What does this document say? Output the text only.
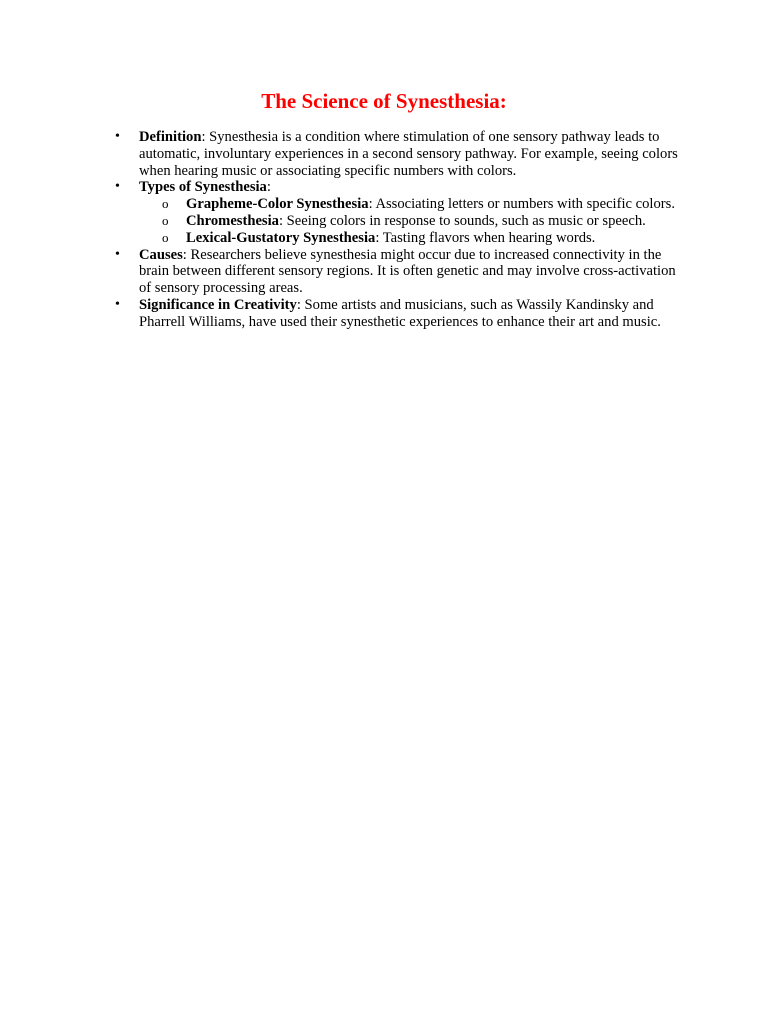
The Science of Synesthesia:
•	Definition: Synesthesia is a condition where stimulation of one sensory pathway leads to automatic, involuntary experiences in a second sensory pathway. For example, seeing colors when hearing music or associating specific numbers with colors.
•	Types of Synesthesia:
o Grapheme-Color Synesthesia: Associating letters or numbers with specific colors.
o Chromesthesia: Seeing colors in response to sounds, such as music or speech.
o Lexical-Gustatory Synesthesia: Tasting flavors when hearing words.
•	Causes: Researchers believe synesthesia might occur due to increased connectivity in the brain between different sensory regions. It is often genetic and may involve cross-activation of sensory processing areas.
•	Significance in Creativity: Some artists and musicians, such as Wassily Kandinsky and Pharrell Williams, have used their synesthetic experiences to enhance their art and music.
